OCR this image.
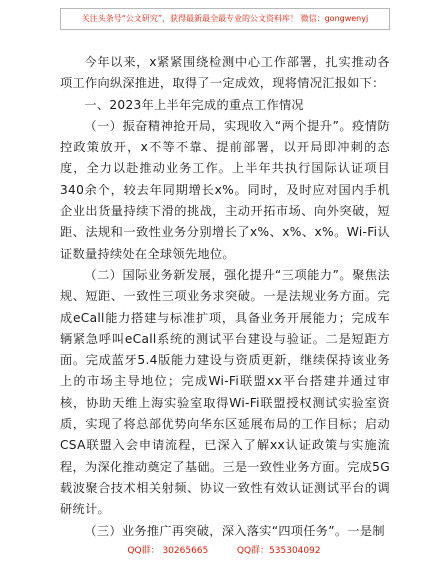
关注头条号“公文研究”，获得最新最全最专业的公文资料库！ 微信：gongwenyj

今年以来，x紧紧围绕检测中心工作部署，扎实推动各项工作向纵深推进，取得了一定成效，现将情况汇报如下：

一、2023年上半年完成的重点工作情况

（一）振奋精神抢开局，实现收入“两个提升”。疫情防控政策放开，x不等不靠、提前部署，以开局即冲刺的态度，全力以赴推动业务工作。上半年共执行国际认证项目340余个，较去年同期增长x%。同时，及时应对国内手机企业出货量持续下滑的挑战，主动开拓市场、向外突破，短距、法规和一致性业务分别增长了x%、x%、x%。Wi-Fi认证数量持续处在全球领先地位。

（二）国际业务新发展，强化提升“三项能力”。聚焦法规、短距、一致性三项业务求突破。一是法规业务方面。完成eCall能力搭建与标准扩项，具备业务开展能力；完成车辆紧急呼叫eCall系统的测试平台建设与验证。二是短距方面。完成蓝牙5.4版能力建设与资质更新，继续保持该业务上的市场主导地位；完成Wi-Fi联盟xx平台搭建并通过审核，协助天维上海实验室取得Wi-Fi联盟授权测试实验室资质，实现了将总部优势向华东区延展布局的工作目标；启动CSA联盟入会申请流程，已深入了解xx认证政策与实施流程，为深化推动奠定了基础。三是一致性业务方面。完成5G载波聚合技术相关射频、协议一致性有效认证测试平台的调研统计。

（三）业务推广再突破，深入落实“四项任务”。一是制

QQ群： 30265665          QQ群：535304092
